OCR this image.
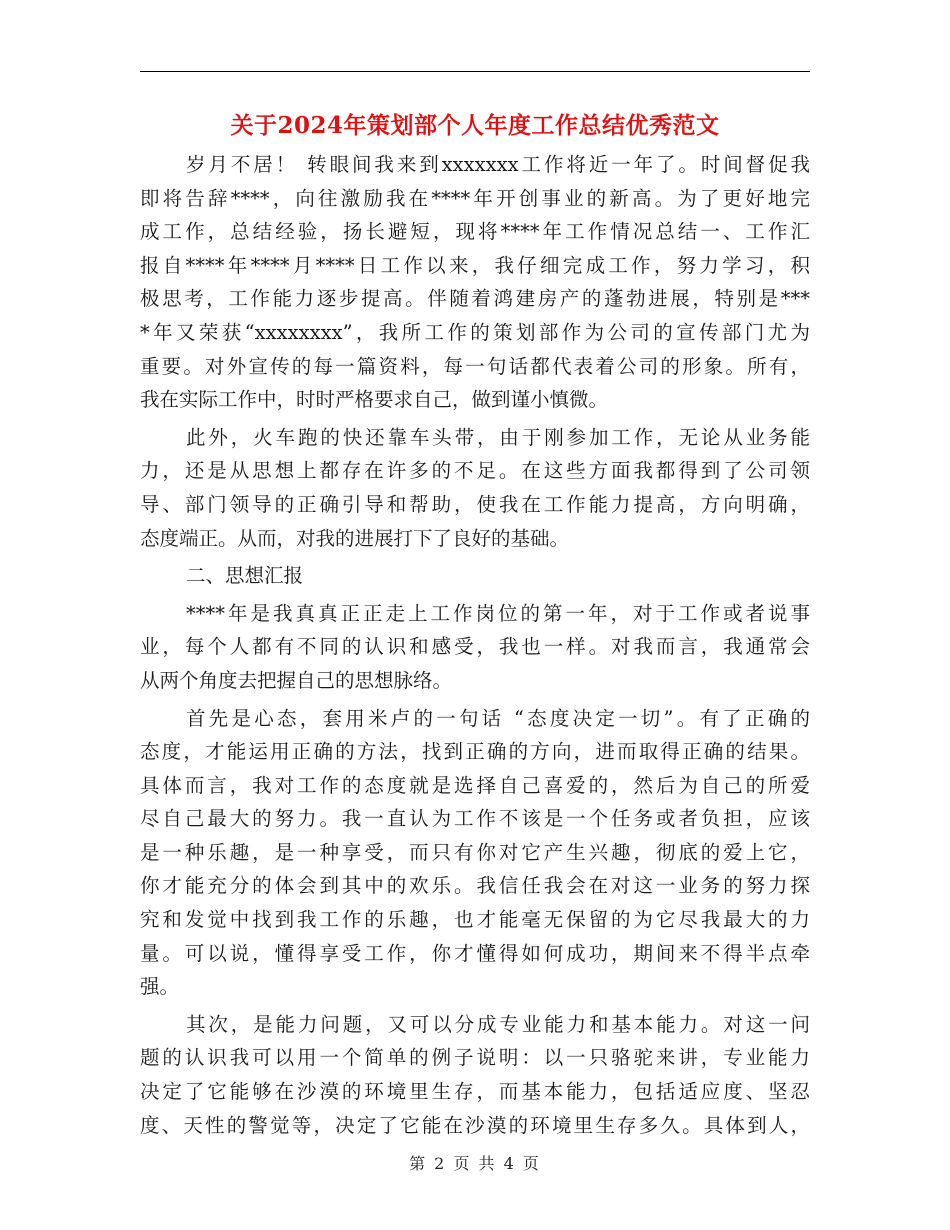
关于2024年策划部个人年度工作总结优秀范文
岁月不居！ 转眼间我来到xxxxxxx工作将近一年了。时间督促我
即将告辞****，向往激励我在****年开创事业的新高。为了更好地完
成工作，总结经验，扬长避短，现将****年工作情况总结一、工作汇
报自****年****月****日工作以来，我仔细完成工作，努力学习，积
极思考，工作能力逐步提高。伴随着鸿建房产的蓬勃进展，特别是***
*年又荣获“xxxxxxxx”，我所工作的策划部作为公司的宣传部门尤为
重要。对外宣传的每一篇资料，每一句话都代表着公司的形象。所有，
我在实际工作中，时时严格要求自己，做到谨小慎微。
此外，火车跑的快还靠车头带，由于刚参加工作，无论从业务能
力，还是从思想上都存在许多的不足。在这些方面我都得到了公司领
导、部门领导的正确引导和帮助，使我在工作能力提高，方向明确，
态度端正。从而，对我的进展打下了良好的基础。
二、思想汇报
****年是我真真正正走上工作岗位的第一年，对于工作或者说事
业，每个人都有不同的认识和感受，我也一样。对我而言，我通常会
从两个角度去把握自己的思想脉络。
首先是心态，套用米卢的一句话 “态度决定一切”。有了正确的
态度，才能运用正确的方法，找到正确的方向，进而取得正确的结果。
具体而言，我对工作的态度就是选择自己喜爱的，然后为自己的所爱
尽自己最大的努力。我一直认为工作不该是一个任务或者负担，应该
是一种乐趣，是一种享受，而只有你对它产生兴趣，彻底的爱上它，
你才能充分的体会到其中的欢乐。我信任我会在对这一业务的努力探
究和发觉中找到我工作的乐趣，也才能毫无保留的为它尽我最大的力
量。可以说，懂得享受工作，你才懂得如何成功，期间来不得半点牵
强。
其次，是能力问题，又可以分成专业能力和基本能力。对这一问
题的认识我可以用一个简单的例子说明：以一只骆驼来讲，专业能力
决定了它能够在沙漠的环境里生存，而基本能力，包括适应度、坚忍
度、天性的警觉等，决定了它能在沙漠的环境里生存多久。具体到人，
第 2 页 共 4 页
